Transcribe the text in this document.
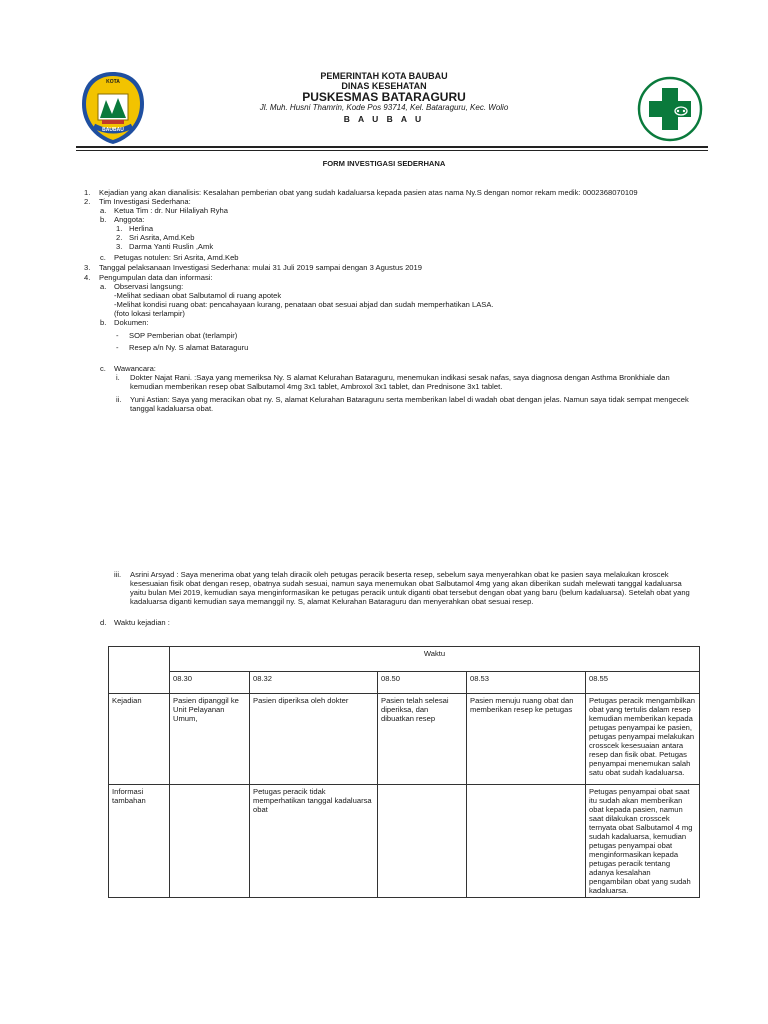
KOTA
BAUBAU
PEMERINTAH KOTA BAUBAU
DINAS KESEHATAN
PUSKESMAS BATARAGURU
Jl. Muh. Husni Thamrin, Kode Pos 93714, Kel. Bataraguru, Kec. Wolio
B A U B A U
FORM INVESTIGASI SEDERHANA
1. Kejadian yang akan dianalisis: Kesalahan pemberian obat yang sudah kadaluarsa kepada pasien atas nama Ny.S dengan nomor rekam medik: 0002368070109
2. Tim Investigasi Sederhana:
a. Ketua Tim : dr. Nur Hilaliyah Ryha
b. Anggota:
1. Herlina
2. Sri Asrita, Amd.Keb
3. Darma Yanti Ruslin ,Amk
c. Petugas notulen: Sri Asrita, Amd.Keb
3. Tanggal pelaksanaan Investigasi Sederhana: mulai 31 Juli 2019 sampai dengan 3 Agustus 2019
4. Pengumpulan data dan informasi:
a. Observasi langsung:
-Melihat sediaan obat Salbutamol di ruang apotek
-Melihat kondisi ruang obat: pencahayaan kurang, penataan obat sesuai abjad dan sudah memperhatikan LASA.
(foto lokasi terlampir)
b. Dokumen:
- SOP Pemberian obat (terlampir)
- Resep a/n Ny. S alamat Bataraguru
c. Wawancara:
i. Dokter Najat Rani. :Saya yang memeriksa Ny. S alamat Kelurahan Bataraguru, menemukan indikasi sesak nafas, saya diagnosa dengan Asthma Bronkhiale dan kemudian memberikan resep obat Salbutamol 4mg 3x1 tablet, Ambroxol 3x1 tablet, dan Prednisone 3x1 tablet.
ii. Yuni Astian: Saya yang meracikan obat ny. S, alamat Kelurahan Bataraguru serta memberikan label di wadah obat dengan jelas. Namun saya tidak sempat mengecek tanggal kadaluarsa obat.
iii. Asrini Arsyad : Saya menerima obat yang telah diracik oleh petugas peracik beserta resep, sebelum saya menyerahkan obat ke pasien saya melakukan kroscek kesesuaian fisik obat dengan resep, obatnya sudah sesuai, namun saya menemukan obat Salbutamol 4mg yang akan diberikan sudah melewati tanggal kadaluarsa yaitu bulan Mei 2019, kemudian saya menginformasikan ke petugas peracik untuk diganti obat tersebut dengan obat yang baru (belum kadaluarsa). Setelah obat yang kadaluarsa diganti kemudian saya memanggil ny. S, alamat Kelurahan Bataraguru dan menyerahkan obat sesuai resep.
d. Waktu kejadian :
	Waktu				
	08.30	08.32	08.50	08.53	08.55
Kejadian	Pasien dipanggil ke Unit Pelayanan Umum,	Pasien diperiksa oleh dokter	Pasien telah selesai diperiksa, dan dibuatkan resep	Pasien menuju ruang obat dan memberikan resep ke petugas	Petugas peracik mengambilkan obat yang tertulis dalam resep kemudian memberikan kepada petugas penyampai ke pasien, petugas penyampai melakukan crosscek kesesuaian antara resep dan fisik obat. Petugas penyampai menemukan salah satu obat sudah kadaluarsa.
Informasi tambahan		Petugas peracik tidak memperhatikan tanggal kadaluarsa obat			Petugas penyampai obat saat itu sudah akan memberikan obat kepada pasien, namun saat dilakukan crosscek ternyata obat Salbutamol 4 mg sudah kadaluarsa, kemudian petugas penyampai obat menginformasikan kepada petugas peracik tentang adanya kesalahan pengambilan obat yang sudah kadaluarsa.
